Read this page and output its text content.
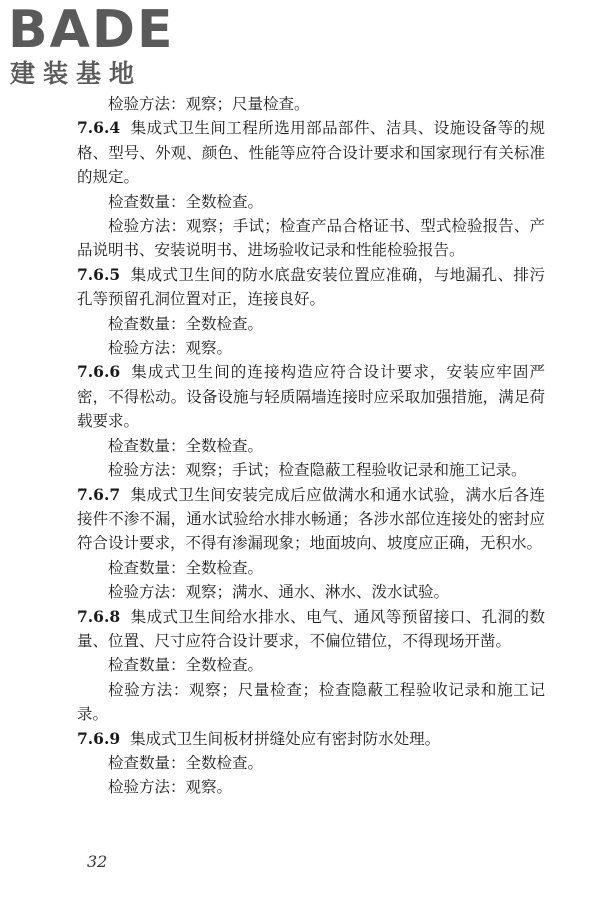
BADE
建装基地

检验方法：观察；尺量检查。

7.6.4 集成式卫生间工程所选用部品部件、洁具、设施设备等的规格、型号、外观、颜色、性能等应符合设计要求和国家现行有关标准的规定。

检查数量：全数检查。

检验方法：观察；手试；检查产品合格证书、型式检验报告、产品说明书、安装说明书、进场验收记录和性能检验报告。

7.6.5 集成式卫生间的防水底盘安装位置应准确，与地漏孔、排污孔等预留孔洞位置对正，连接良好。

检查数量：全数检查。

检验方法：观察。

7.6.6 集成式卫生间的连接构造应符合设计要求，安装应牢固严密，不得松动。设备设施与轻质隔墙连接时应采取加强措施，满足荷载要求。

检查数量：全数检查。

检验方法：观察；手试；检查隐蔽工程验收记录和施工记录。

7.6.7 集成式卫生间安装完成后应做满水和通水试验，满水后各连接件不渗不漏，通水试验给水排水畅通；各涉水部位连接处的密封应符合设计要求，不得有渗漏现象；地面坡向、坡度应正确，无积水。

检查数量：全数检查。

检验方法：观察；满水、通水、淋水、泼水试验。

7.6.8 集成式卫生间给水排水、电气、通风等预留接口、孔洞的数量、位置、尺寸应符合设计要求，不偏位错位，不得现场开凿。

检查数量：全数检查。

检验方法：观察；尺量检查；检查隐蔽工程验收记录和施工记录。

7.6.9 集成式卫生间板材拼缝处应有密封防水处理。

检查数量：全数检查。

检验方法：观察。

32
